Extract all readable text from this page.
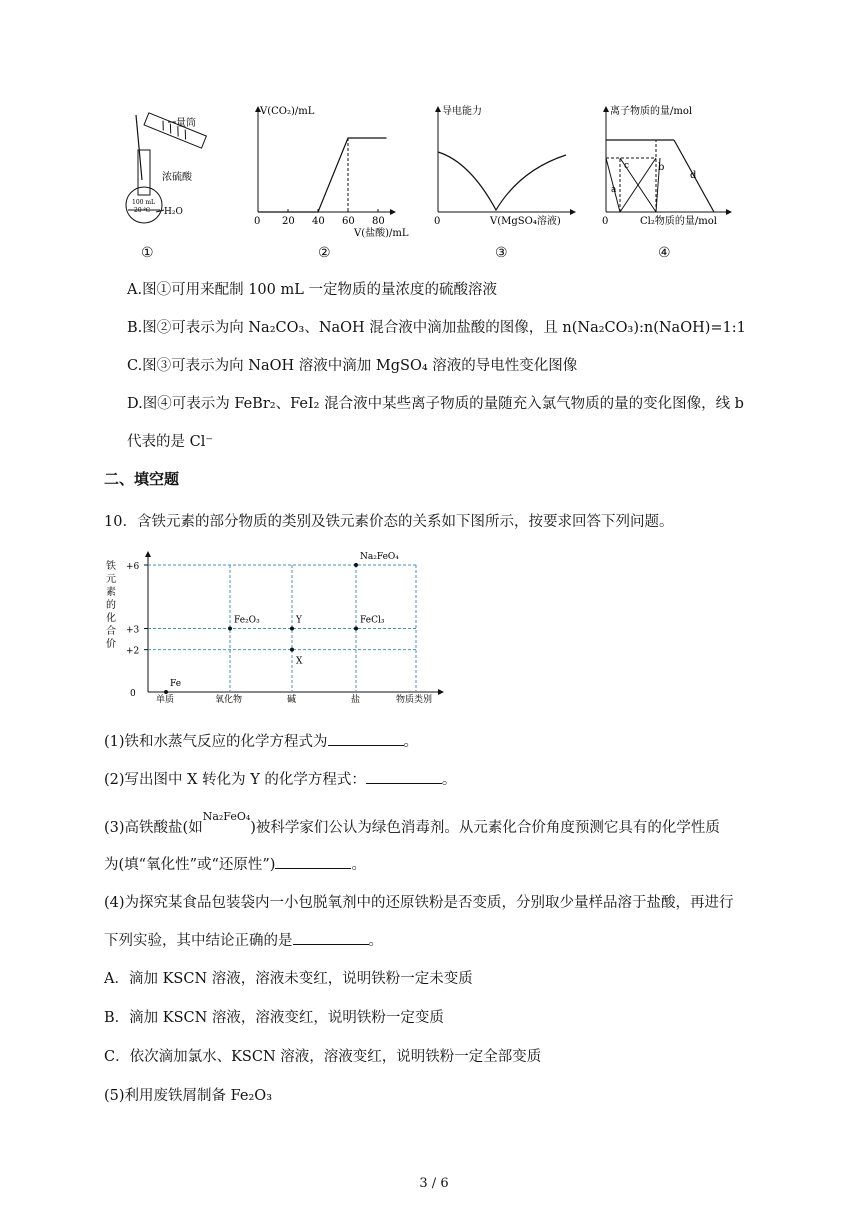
100 mL
20 ℃ H₂O
量筒
浓硫酸
V(CO₂)/mL
0 20 40 60 80
V(盐酸)/mL
导电能力
0	V(MgSO₄溶液)
离子物质的量/mol
a
c	b
d
0	Cl₂物质的量/mol
①	②	③	④
A.图①可用来配制 100 mL 一定物质的量浓度的硫酸溶液
B.图②可表示为向 Na₂CO₃、NaOH 混合液中滴加盐酸的图像，且 n(Na₂CO₃):n(NaOH)=1:1
C.图③可表示为向 NaOH 溶液中滴加 MgSO₄ 溶液的导电性变化图像
D.图④可表示为 FeBr₂、FeI₂ 混合液中某些离子物质的量随充入氯气物质的量的变化图像，线 b
代表的是 Cl⁻
二、填空题
10．含铁元素的部分物质的类别及铁元素价态的关系如下图所示，按要求回答下列问题。
铁
元
素
的
化
合
价
+6
+3
+2
0
单质	氧化物	碱	盐
Fe
Fe₂O₃	Y
X
FeCl₃
Na₂FeO₄
物质类别
(1)铁和水蒸气反应的化学方程式为	。
(2)写出图中 X 转化为 Y 的化学方程式：	。
(3)高铁酸盐(如$^{Na_2FeO_4}$)被科学家们公认为绿色消毒剂。从元素化合价角度预测它具有的化学性质
为(填“氧化性”或“还原性”)	。
(4)为探究某食品包装袋内一小包脱氧剂中的还原铁粉是否变质，分别取少量样品溶于盐酸，再进行
下列实验，其中结论正确的是	。
A．滴加 KSCN 溶液，溶液未变红，说明铁粉一定未变质
B．滴加 KSCN 溶液，溶液变红，说明铁粉一定变质
C．依次滴加氯水、KSCN 溶液，溶液变红，说明铁粉一定全部变质
(5)利用废铁屑制备 Fe₂O₃
3 / 6
